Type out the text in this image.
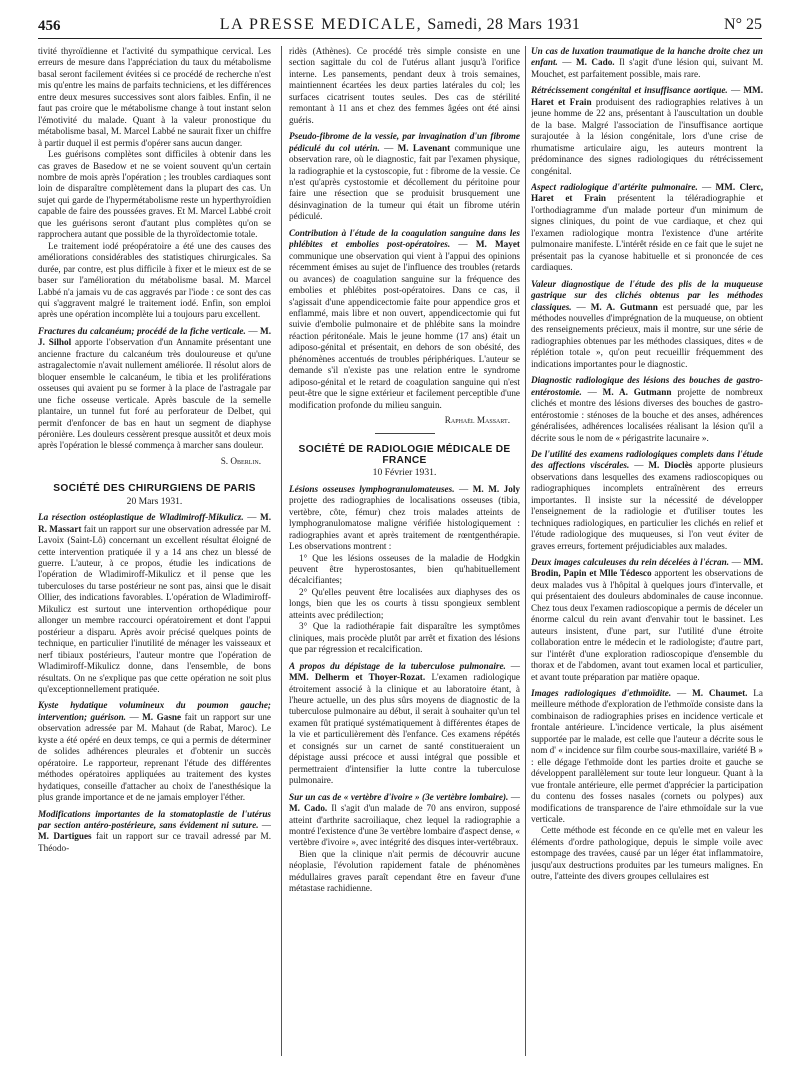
456	LA PRESSE MEDICALE, Samedi, 28 Mars 1931	N° 25

tivité thyroïdienne et l'activité du sympathique cervical. Les erreurs de mesure dans l'appréciation du taux du métabolisme basal seront facilement évitées si ce procédé de recherche n'est mis qu'entre les mains de parfaits techniciens, et les différences entre deux mesures successives sont alors faibles. Enfin, il ne faut pas croire que le métabolisme change à tout instant selon l'émotivité du malade. Quant à la valeur pronostique du métabolisme basal, M. Marcel Labbé ne saurait fixer un chiffre à partir duquel il est permis d'opérer sans aucun danger.

Les guérisons complètes sont difficiles à obtenir dans les cas graves de Basedow et ne se voient souvent qu'un certain nombre de mois après l'opération ; les troubles cardiaques sont loin de disparaître complètement dans la plupart des cas. Un sujet qui garde de l'hypermétabolisme reste un hyperthyroïdien capable de faire des poussées graves. Et M. Marcel Labbé croit que les guérisons seront d'autant plus complètes qu'on se rapprochera autant que possible de la thyroïdectomie totale.

Le traitement iodé préopératoire a été une des causes des améliorations considérables des statistiques chirurgicales. Sa durée, par contre, est plus difficile à fixer et le mieux est de se baser sur l'amélioration du métabolisme basal. M. Marcel Labbé n'a jamais vu de cas aggravés par l'iode : ce sont des cas qui s'aggravent malgré le traitement iodé. Enfin, son emploi après une opération incomplète lui a toujours paru excellent.

Fractures du calcanéum; procédé de la fiche verticale. — M. J. Silhol apporte l'observation d'un Annamite présentant une ancienne fracture du calcanéum très douloureuse et qu'une astragalectomie n'avait nullement améliorée. Il résolut alors de bloquer ensemble le calcanéum, le tibia et les proliférations osseuses qui avaient pu se former à la place de l'astragale par une fiche osseuse verticale. Après bascule de la semelle plantaire, un tunnel fut foré au perforateur de Delbet, qui permit d'enfoncer de bas en haut un segment de diaphyse péronière. Les douleurs cessèrent presque aussitôt et deux mois après l'opération le blessé commença à marcher sans douleur.

S. Oberlin.

SOCIÉTÉ DES CHIRURGIENS DE PARIS

20 Mars 1931.

La résection ostéoplastique de Wladimiroff-Mikulicz. — M. R. Massart fait un rapport sur une observation adressée par M. Lavoix (Saint-Lô) concernant un excellent résultat éloigné de cette intervention pratiquée il y a 14 ans chez un blessé de guerre. L'auteur, à ce propos, étudie les indications de l'opération de Wladimiroff-Mikulicz et il pense que les tuberculoses du tarse postérieur ne sont pas, ainsi que le disait Ollier, des indications favorables. L'opération de Wladimiroff-Mikulicz est surtout une intervention orthopédique pour allonger un membre raccourci opératoirement et dont l'appui postérieur a disparu. Après avoir précisé quelques points de technique, en particulier l'inutilité de ménager les vaisseaux et nerf tibiaux postérieurs, l'auteur montre que l'opération de Wladimiroff-Mikulicz donne, dans l'ensemble, de bons résultats. On ne s'explique pas que cette opération ne soit plus qu'exceptionnellement pratiquée.

Kyste hydatique volumineux du poumon gauche; intervention; guérison. — M. Gasne fait un rapport sur une observation adressée par M. Mahaut (de Rabat, Maroc). Le kyste a été opéré en deux temps, ce qui a permis de déterminer de solides adhérences pleurales et d'obtenir un succès opératoire. Le rapporteur, reprenant l'étude des différentes méthodes opératoires appliquées au traitement des kystes hydatiques, conseille d'attacher au choix de l'anesthésique la plus grande importance et de ne jamais employer l'éther.

Modifications importantes de la stomatoplastie de l'utérus par section antéro-postérieure, sans évidement ni suture. — M. Dartigues fait un rapport sur ce travail adressé par M. Théodo-

ridès (Athènes). Ce procédé très simple consiste en une section sagittale du col de l'utérus allant jusqu'à l'orifice interne. Les pansements, pendant deux à trois semaines, maintiennent écartées les deux parties latérales du col; les surfaces cicatrisent toutes seules. Des cas de stérilité remontant à 11 ans et chez des femmes âgées ont été ainsi guéris.

Pseudo-fibrome de la vessie, par invagination d'un fibrome pédiculé du col utérin. — M. Lavenant communique une observation rare, où le diagnostic, fait par l'examen physique, la radiographie et la cystoscopie, fut : fibrome de la vessie. Ce n'est qu'après cystostomie et décollement du péritoine pour faire une résection que se produisit brusquement une désinvagination de la tumeur qui était un fibrome utérin pédiculé.

Contribution à l'étude de la coagulation sanguine dans les phlébites et embolies post-opératoires. — M. Mayet communique une observation qui vient à l'appui des opinions récemment émises au sujet de l'influence des troubles (retards ou avances) de coagulation sanguine sur la fréquence des embolies et phlébites post-opératoires. Dans ce cas, il s'agissait d'une appendicectomie faite pour appendice gros et enflammé, mais libre et non ouvert, appendicectomie qui fut suivie d'embolie pulmonaire et de phlébite sans la moindre réaction péritonéale. Mais le jeune homme (17 ans) était un adiposo-génital et présentait, en dehors de son obésité, des phénomènes accentués de troubles périphériques. L'auteur se demande s'il n'existe pas une relation entre le syndrome adiposo-génital et le retard de coagulation sanguine qui n'est peut-être que le signe extérieur et facilement perceptible d'une modification profonde du milieu sanguin.

Raphaël Massart.

SOCIÉTÉ DE RADIOLOGIE MÉDICALE DE FRANCE

10 Février 1931.

Lésions osseuses lymphogranulomateuses. — M. M. Joly projette des radiographies de localisations osseuses (tibia, vertèbre, côte, fémur) chez trois malades atteints de lymphogranulomatose maligne vérifiée histologiquement : radiographies avant et après traitement de rœntgenthérapie. Les observations montrent :

1° Que les lésions osseuses de la maladie de Hodgkin peuvent être hyperostosantes, bien qu'habituellement décalcifiantes;

2° Qu'elles peuvent être localisées aux diaphyses des os longs, bien que les os courts à tissu spongieux semblent atteints avec prédilection;

3° Que la radiothérapie fait disparaître les symptômes cliniques, mais procède plutôt par arrêt et fixation des lésions que par régression et recalcification.

A propos du dépistage de la tuberculose pulmonaire. — MM. Delherm et Thoyer-Rozat. L'examen radiologique étroitement associé à la clinique et au laboratoire étant, à l'heure actuelle, un des plus sûrs moyens de diagnostic de la tuberculose pulmonaire au début, il serait à souhaiter qu'un tel examen fût pratiqué systématiquement à différentes étapes de la vie et particulièrement dès l'enfance. Ces examens répétés et consignés sur un carnet de santé constitueraient un dépistage aussi précoce et aussi intégral que possible et permettraient d'intensifier la lutte contre la tuberculose pulmonaire.

Sur un cas de « vertèbre d'ivoire » (3e vertèbre lombaire). — M. Cado. Il s'agit d'un malade de 70 ans environ, supposé atteint d'arthrite sacroiliaque, chez lequel la radiographie a montré l'existence d'une 3e vertèbre lombaire d'aspect dense, « vertèbre d'ivoire », avec intégrité des disques inter-vertébraux.

Bien que la clinique n'ait permis de découvrir aucune néoplasie, l'évolution rapidement fatale de phénomènes médullaires graves paraît cependant être en faveur d'une métastase rachidienne.

Un cas de luxation traumatique de la hanche droite chez un enfant. — M. Cado. Il s'agit d'une lésion qui, suivant M. Mouchet, est parfaitement possible, mais rare.

Rétrécissement congénital et insuffisance aortique. — MM. Haret et Frain produisent des radiographies relatives à un jeune homme de 22 ans, présentant à l'auscultation un double de la base. Malgré l'association de l'insuffisance aortique surajoutée à la lésion congénitale, lors d'une crise de rhumatisme articulaire aigu, les auteurs montrent la prédominance des signes radiologiques du rétrécissement congénital.

Aspect radiologique d'artérite pulmonaire. — MM. Clerc, Haret et Frain présentent la téléradiographie et l'orthodiagramme d'un malade porteur d'un minimum de signes cliniques, du point de vue cardiaque, et chez qui l'examen radiologique montra l'existence d'une artérite pulmonaire manifeste. L'intérêt réside en ce fait que le sujet ne présentait pas la cyanose habituelle et si prononcée de ces cardiaques.

Valeur diagnostique de l'étude des plis de la muqueuse gastrique sur des clichés obtenus par les méthodes classiques. — M. A. Gutmann est persuadé que, par les méthodes nouvelles d'imprégnation de la muqueuse, on obtient des renseignements précieux, mais il montre, sur une série de radiographies obtenues par les méthodes classiques, dites « de réplétion totale », qu'on peut recueillir fréquemment des indications importantes pour le diagnostic.

Diagnostic radiologique des lésions des bouches de gastro-entérostomie. — M. A. Gutmann projette de nombreux clichés et montre des lésions diverses des bouches de gastro-entérostomie : sténoses de la bouche et des anses, adhérences généralisées, adhérences localisées réalisant la lésion qu'il a décrite sous le nom de « périgastrite lacunaire ».

De l'utilité des examens radiologiques complets dans l'étude des affections viscérales. — M. Dioclès apporte plusieurs observations dans lesquelles des examens radioscopiques ou radiographiques incomplets entraînèrent des erreurs importantes. Il insiste sur la nécessité de développer l'enseignement de la radiologie et d'utiliser toutes les techniques radiologiques, en particulier les clichés en relief et l'étude radiologique des muqueuses, si l'on veut éviter de graves erreurs, fortement préjudiciables aux malades.

Deux images calculeuses du rein décelées à l'écran. — MM. Brodin, Papin et Mlle Tédesco apportent les observations de deux malades vus à l'hôpital à quelques jours d'intervalle, et qui présentaient des douleurs abdominales de cause inconnue. Chez tous deux l'examen radioscopique a permis de déceler un énorme calcul du rein avant d'envahir tout le bassinet. Les auteurs insistent, d'une part, sur l'utilité d'une étroite collaboration entre le médecin et le radiologiste; d'autre part, sur l'intérêt d'une exploration radioscopique d'ensemble du thorax et de l'abdomen, avant tout examen local et particulier, et avant toute préparation par matière opaque.

Images radiologiques d'ethmoïdite. — M. Chaumet. La meilleure méthode d'exploration de l'ethmoïde consiste dans la combinaison de radiographies prises en incidence verticale et frontale antérieure. L'incidence verticale, la plus aisément supportée par le malade, est celle que l'auteur a décrite sous le nom d' « incidence sur film courbe sous-maxillaire, variété B » : elle dégage l'ethmoïde dont les parties droite et gauche se développent parallèlement sur toute leur longueur. Quant à la vue frontale antérieure, elle permet d'apprécier la participation du contenu des fosses nasales (cornets ou polypes) aux modifications de transparence de l'aire ethmoïdale sur la vue verticale.

Cette méthode est féconde en ce qu'elle met en valeur les éléments d'ordre pathologique, depuis le simple voile avec estompage des travées, causé par un léger état inflammatoire, jusqu'aux destructions produites par les tumeurs malignes. En outre, l'atteinte des divers groupes cellulaires est
